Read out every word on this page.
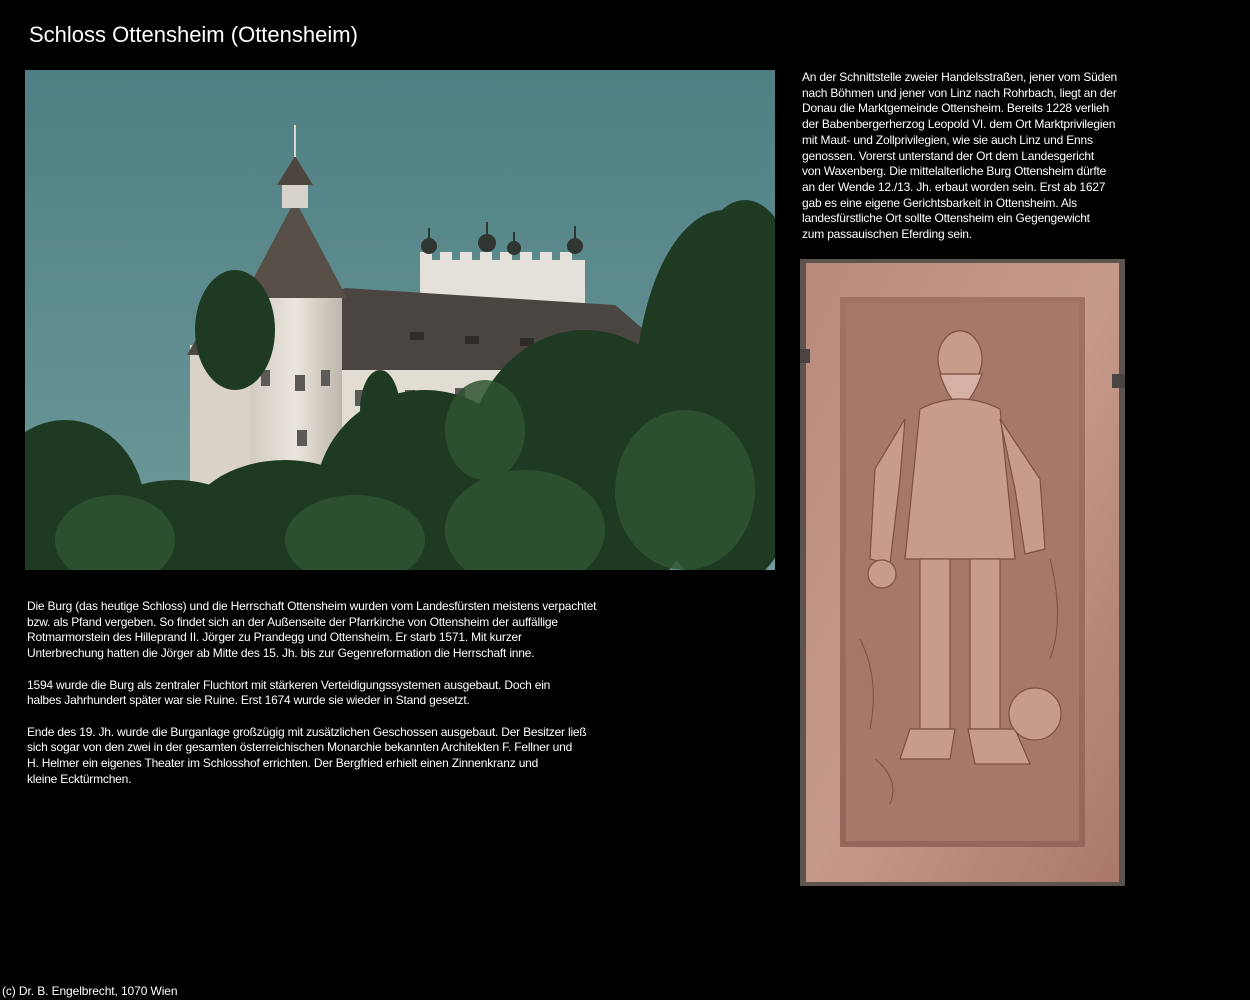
Schloss Ottensheim (Ottensheim)

An der Schnittstelle zweier Handelsstraßen, jener vom Süden

nach Böhmen und jener von Linz nach Rohrbach, liegt an der

Donau die Marktgemeinde Ottensheim. Bereits 1228 verlieh

der Babenbergerherzog Leopold VI. dem Ort Marktprivilegien

mit Maut- und Zollprivilegien, wie sie auch Linz und Enns

genossen. Vorerst unterstand der Ort dem Landesgericht

von Waxenberg. Die mittelalterliche Burg Ottensheim dürfte

an der Wende 12./13. Jh. erbaut worden sein. Erst ab 1627

gab es eine eigene Gerichtsbarkeit in Ottensheim. Als

landesfürstliche Ort sollte Ottensheim ein Gegengewicht

zum passauischen Eferding sein.

Die Burg (das heutige Schloss) und die Herrschaft Ottensheim wurden vom Landesfürsten meistens verpachtet
bzw. als Pfand vergeben. So findet sich an der Außenseite der Pfarrkirche von Ottensheim der auffällige
Rotmarmorstein des Hilleprand II. Jörger zu Prandegg und Ottensheim. Er starb 1571. Mit kurzer
Unterbrechung hatten die Jörger ab Mitte des 15. Jh. bis zur Gegenreformation die Herrschaft inne.

1594 wurde die Burg als zentraler Fluchtort mit stärkeren Verteidigungssystemen ausgebaut. Doch ein
halbes Jahrhundert später war sie Ruine. Erst 1674 wurde sie wieder in Stand gesetzt.

Ende des 19. Jh. wurde die Burganlage großzügig mit zusätzlichen Geschossen ausgebaut. Der Besitzer ließ
sich sogar von den zwei in der gesamten österreichischen Monarchie bekannten Architekten F. Fellner und
H. Helmer ein eigenes Theater im Schlosshof errichten. Der Bergfried erhielt einen Zinnenkranz und
kleine Ecktürmchen.

(c) Dr. B. Engelbrecht, 1070 Wien
